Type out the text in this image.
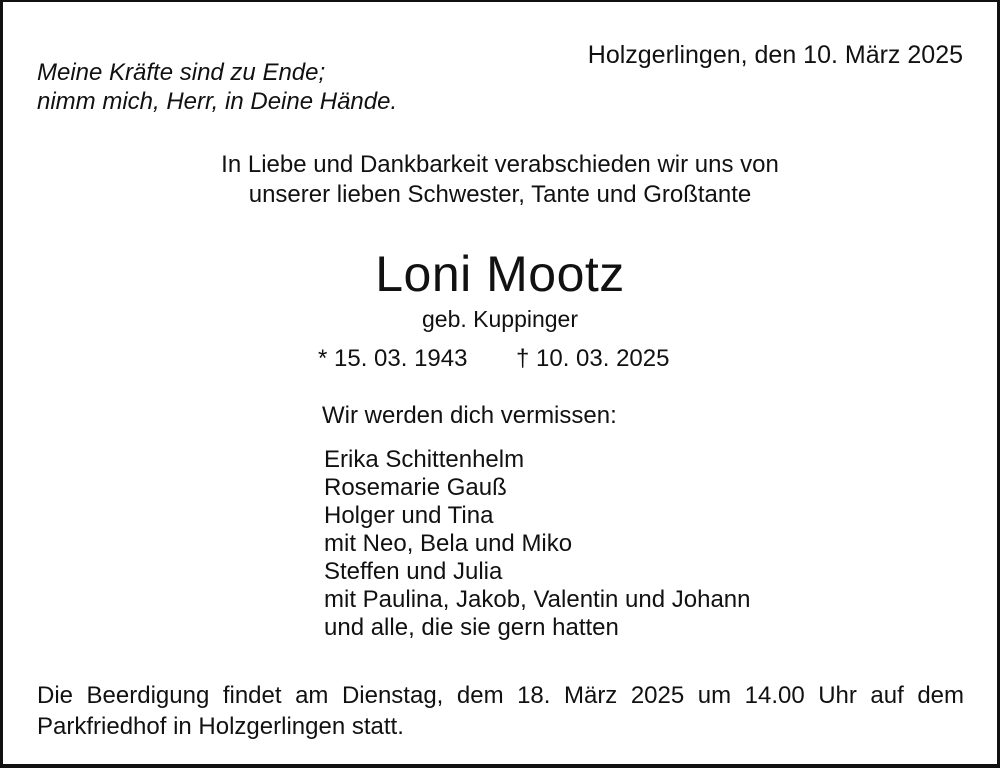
Holzgerlingen, den 10. März 2025

Meine Kräfte sind zu Ende;
nimm mich, Herr, in Deine Hände.

In Liebe und Dankbarkeit verabschieden wir uns von
unserer lieben Schwester, Tante und Großtante

Loni Mootz

geb. Kuppinger

* 15. 03. 1943 † 10. 03. 2025

Wir werden dich vermissen:

Erika Schittenhelm
Rosemarie Gauß
Holger und Tina
mit Neo, Bela und Miko
Steffen und Julia
mit Paulina, Jakob, Valentin und Johann
und alle, die sie gern hatten

Die Beerdigung findet am Dienstag, dem 18. März 2025 um 14.00 Uhr auf dem
Parkfriedhof in Holzgerlingen statt.
